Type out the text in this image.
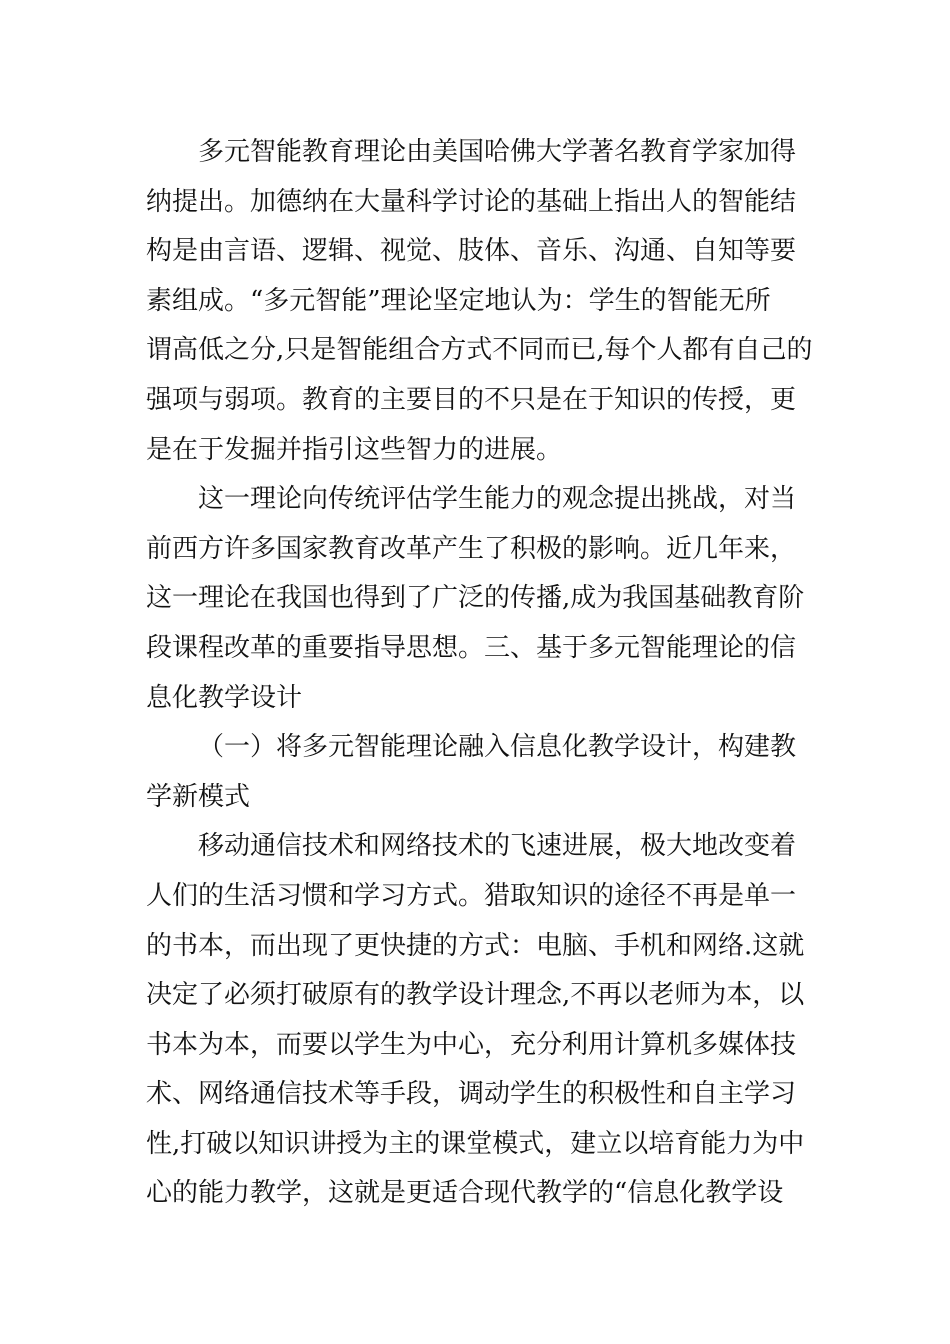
多元智能教育理论由美国哈佛大学著名教育学家加得
纳提出。加德纳在大量科学讨论的基础上指出人的智能结
构是由言语、逻辑、视觉、肢体、音乐、沟通、自知等要
素组成。“多元智能”理论坚定地认为：学生的智能无所
谓高低之分,只是智能组合方式不同而已,每个人都有自己的
强项与弱项。教育的主要目的不只是在于知识的传授，更
是在于发掘并指引这些智力的进展。

这一理论向传统评估学生能力的观念提出挑战，对当
前西方许多国家教育改革产生了积极的影响。近几年来，
这一理论在我国也得到了广泛的传播,成为我国基础教育阶
段课程改革的重要指导思想。三、基于多元智能理论的信
息化教学设计

（一）将多元智能理论融入信息化教学设计，构建教
学新模式

移动通信技术和网络技术的飞速进展，极大地改变着
人们的生活习惯和学习方式。猎取知识的途径不再是单一
的书本，而出现了更快捷的方式：电脑、手机和网络.这就
决定了必须打破原有的教学设计理念,不再以老师为本，以
书本为本，而要以学生为中心，充分利用计算机多媒体技
术、网络通信技术等手段，调动学生的积极性和自主学习
性,打破以知识讲授为主的课堂模式，建立以培育能力为中
心的能力教学，这就是更适合现代教学的“信息化教学设
